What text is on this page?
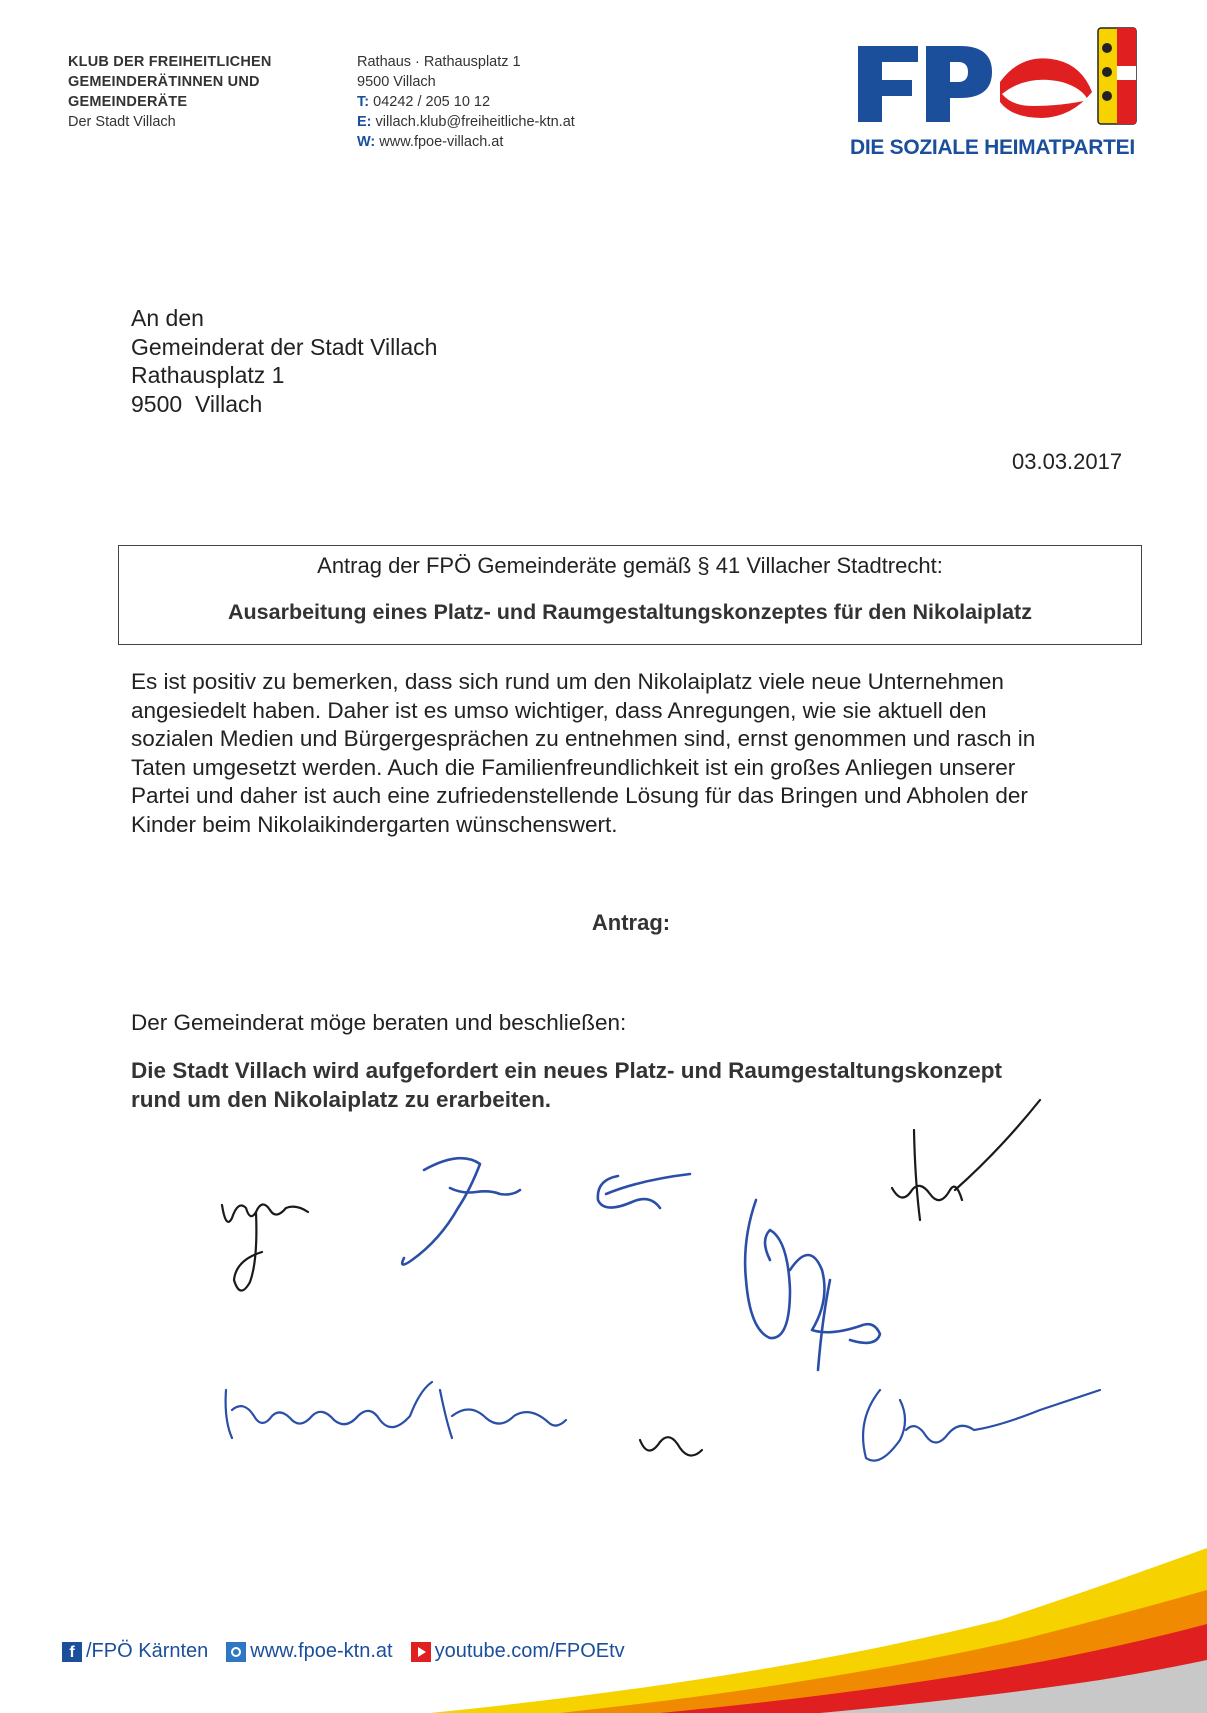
KLUB DER FREIHEITLICHEN
GEMEINDERÄTINNEN UND
GEMEINDERÄTE
Der Stadt Villach
Rathaus · Rathausplatz 1
9500 Villach
T: 04242 / 205 10 12
E: villach.klub@freiheitliche-ktn.at
W: www.fpoe-villach.at	DIE SOZIALE HEIMATPARTEI
An den
Gemeinderat der Stadt Villach
Rathausplatz 1
9500  Villach
03.03.2017
Antrag der FPÖ Gemeinderäte gemäß § 41 Villacher Stadtrecht:
Ausarbeitung eines Platz- und Raumgestaltungskonzeptes für den Nikolaiplatz
Es ist positiv zu bemerken, dass sich rund um den Nikolaiplatz viele neue Unternehmen
angesiedelt haben. Daher ist es umso wichtiger, dass Anregungen, wie sie aktuell den
sozialen Medien und Bürgergesprächen zu entnehmen sind, ernst genommen und rasch in
Taten umgesetzt werden. Auch die Familienfreundlichkeit ist ein großes Anliegen unserer
Partei und daher ist auch eine zufriedenstellende Lösung für das Bringen und Abholen der
Kinder beim Nikolaikindergarten wünschenswert.
Antrag:
Der Gemeinderat möge beraten und beschließen:
Die Stadt Villach wird aufgefordert ein neues Platz- und Raumgestaltungskonzept
rund um den Nikolaiplatz zu erarbeiten.
f /FPÖ Kärnten www.fpoe-ktn.at youtube.com/FPOEtv
